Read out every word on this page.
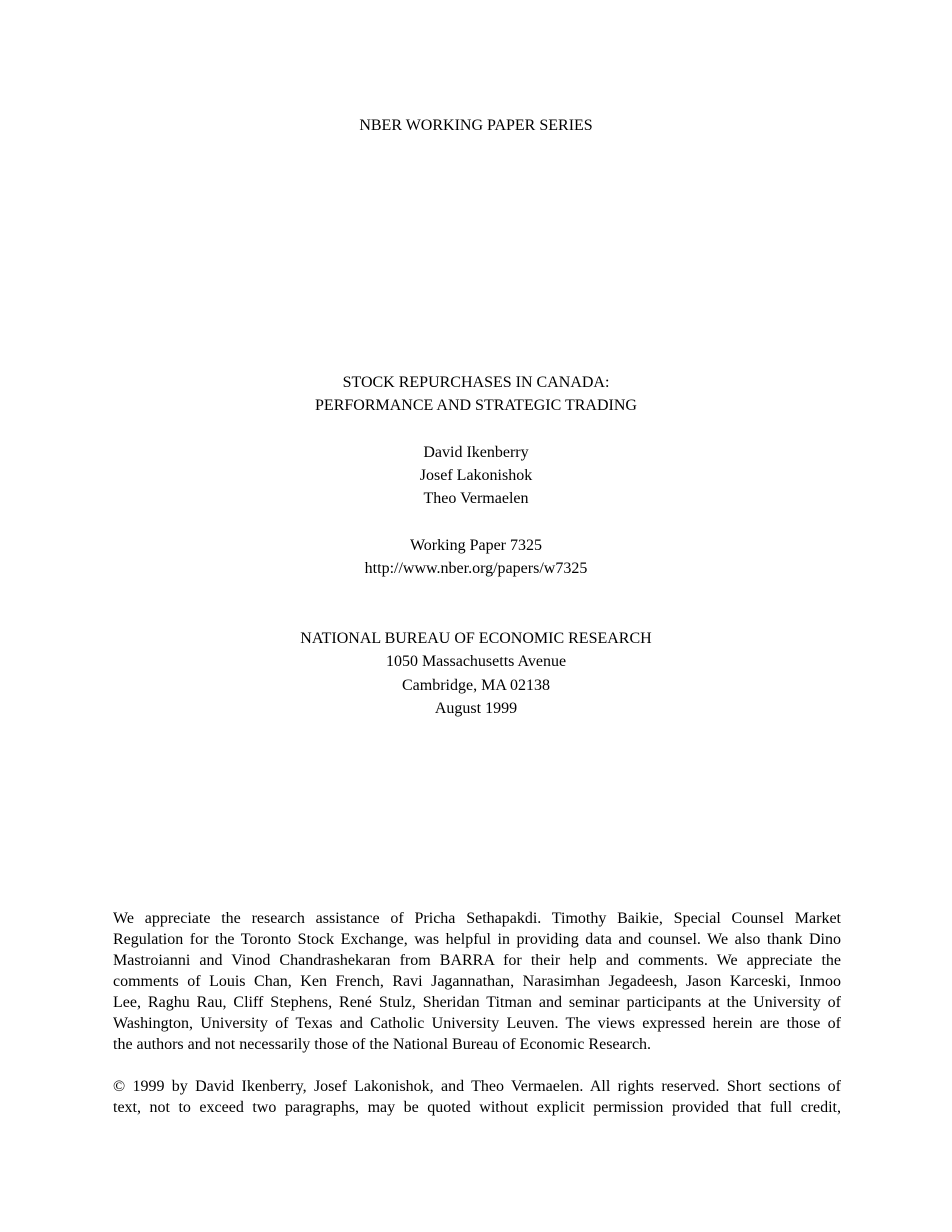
NBER WORKING PAPER SERIES
STOCK REPURCHASES IN CANADA:
PERFORMANCE AND STRATEGIC TRADING
David Ikenberry
Josef Lakonishok
Theo Vermaelen
Working Paper 7325
http://www.nber.org/papers/w7325
NATIONAL BUREAU OF ECONOMIC RESEARCH
1050 Massachusetts Avenue
Cambridge, MA 02138
August 1999
We appreciate the research assistance of Pricha Sethapakdi. Timothy Baikie, Special Counsel Market
Regulation for the Toronto Stock Exchange, was helpful in providing data and counsel. We also thank Dino
Mastroianni and Vinod Chandrashekaran from BARRA for their help and comments. We appreciate the
comments of Louis Chan, Ken French, Ravi Jagannathan, Narasimhan Jegadeesh, Jason Karceski, Inmoo
Lee, Raghu Rau, Cliff Stephens, René Stulz, Sheridan Titman and seminar participants at the University of
Washington, University of Texas and Catholic University Leuven. The views expressed herein are those of
the authors and not necessarily those of the National Bureau of Economic Research.
© 1999 by David Ikenberry, Josef Lakonishok, and Theo Vermaelen. All rights reserved. Short sections of
text, not to exceed two paragraphs, may be quoted without explicit permission provided that full credit,
